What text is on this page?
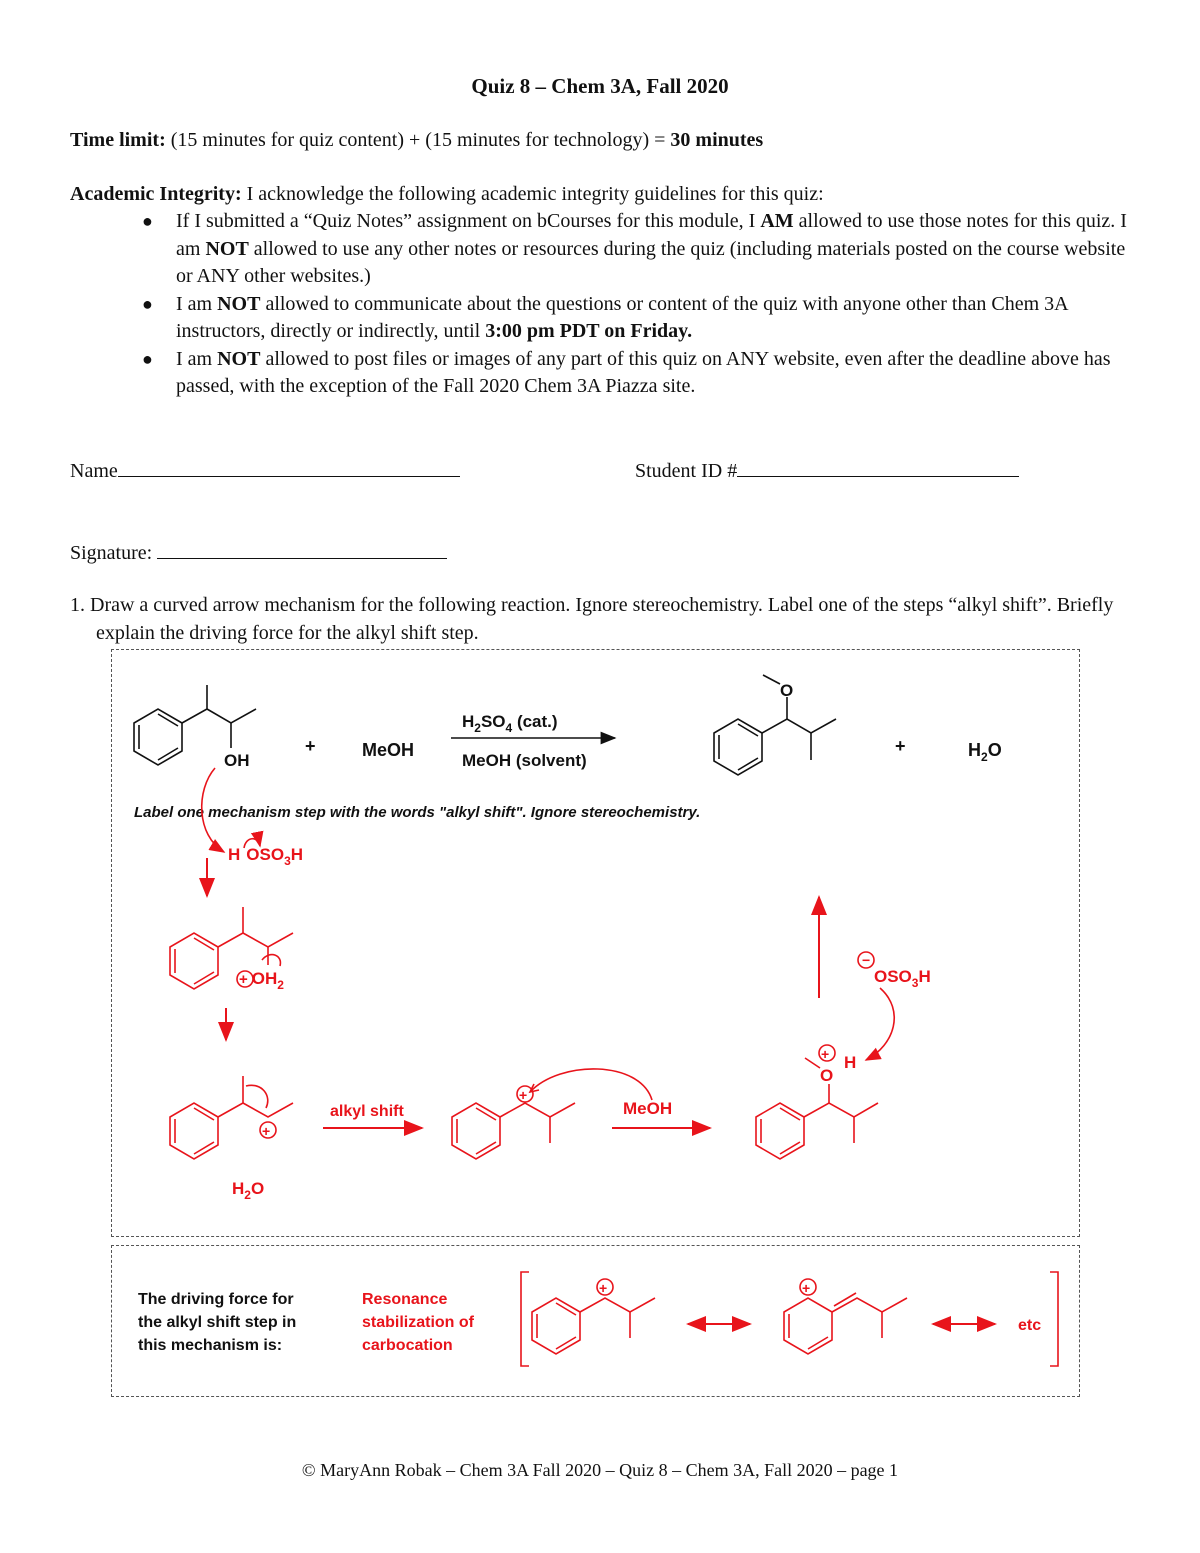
Quiz 8 – Chem 3A, Fall 2020
Time limit: (15 minutes for quiz content) + (15 minutes for technology) = 30 minutes
Academic Integrity: I acknowledge the following academic integrity guidelines for this quiz:
● If I submitted a “Quiz Notes” assignment on bCourses for this module, I AM allowed to use those notes for this quiz. I am NOT allowed to use any other notes or resources during the quiz (including materials posted on the course website or ANY other websites.)
● I am NOT allowed to communicate about the questions or content of the quiz with anyone other than Chem 3A instructors, directly or indirectly, until 3:00 pm PDT on Friday.
● I am NOT allowed to post files or images of any part of this quiz on ANY website, even after the deadline above has passed, with the exception of the Fall 2020 Chem 3A Piazza site.
Name	Student ID #
Signature:
1. Draw a curved arrow mechanism for the following reaction. Ignore stereochemistry. Label one of the steps “alkyl shift”. Briefly explain the driving force for the alkyl shift step.
OH
+	MeOH
$H_2SO_4$ (cat.)
MeOH (solvent)
O
+	$H_2O$
Label one mechanism step with the words "alkyl shift". Ignore stereochemistry.
H $OSO_3H$
+ $OH_2$
+
$H_2O$
alkyl shift
+
MeOH
+
O
H
−
$OSO_3H$
The driving force for
the alkyl shift step in
this mechanism is:
Resonance
stabilization of
carbocation
+	+
etc
© MaryAnn Robak – Chem 3A Fall 2020 – Quiz 8 – Chem 3A, Fall 2020 – page 1
